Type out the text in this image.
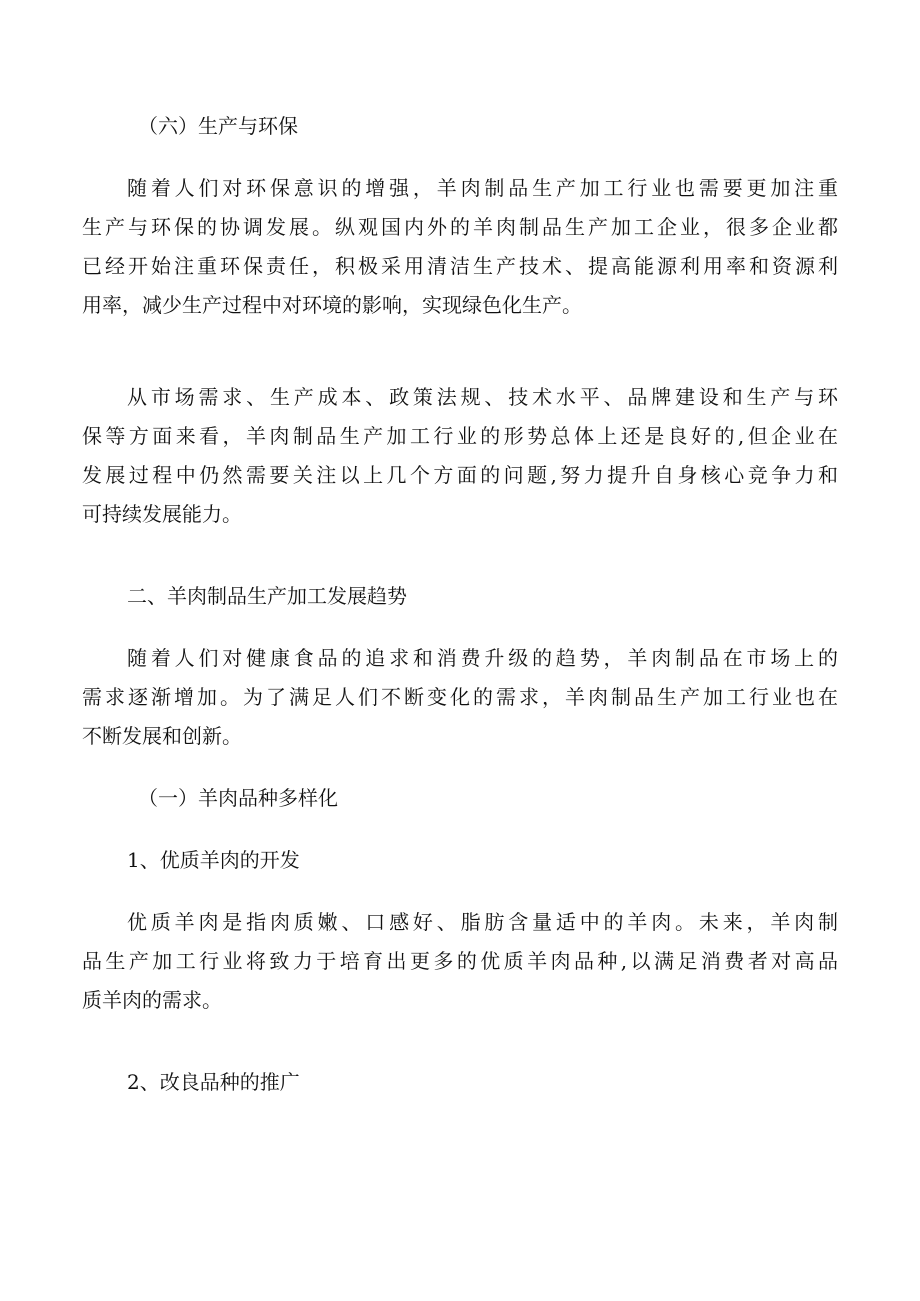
（六）生产与环保
随着人们对环保意识的增强，羊肉制品生产加工行业也需要更加注重
生产与环保的协调发展。纵观国内外的羊肉制品生产加工企业，很多企业都
已经开始注重环保责任，积极采用清洁生产技术、提高能源利用率和资源利
用率，减少生产过程中对环境的影响，实现绿色化生产。
从市场需求、生产成本、政策法规、技术水平、品牌建设和生产与环
保等方面来看，羊肉制品生产加工行业的形势总体上还是良好的,但企业在
发展过程中仍然需要关注以上几个方面的问题,努力提升自身核心竞争力和
可持续发展能力。
二、羊肉制品生产加工发展趋势
随着人们对健康食品的追求和消费升级的趋势，羊肉制品在市场上的
需求逐渐增加。为了满足人们不断变化的需求，羊肉制品生产加工行业也在
不断发展和创新。
（一）羊肉品种多样化
1、优质羊肉的开发
优质羊肉是指肉质嫩、口感好、脂肪含量适中的羊肉。未来，羊肉制
品生产加工行业将致力于培育出更多的优质羊肉品种,以满足消费者对高品
质羊肉的需求。
2、改良品种的推广
